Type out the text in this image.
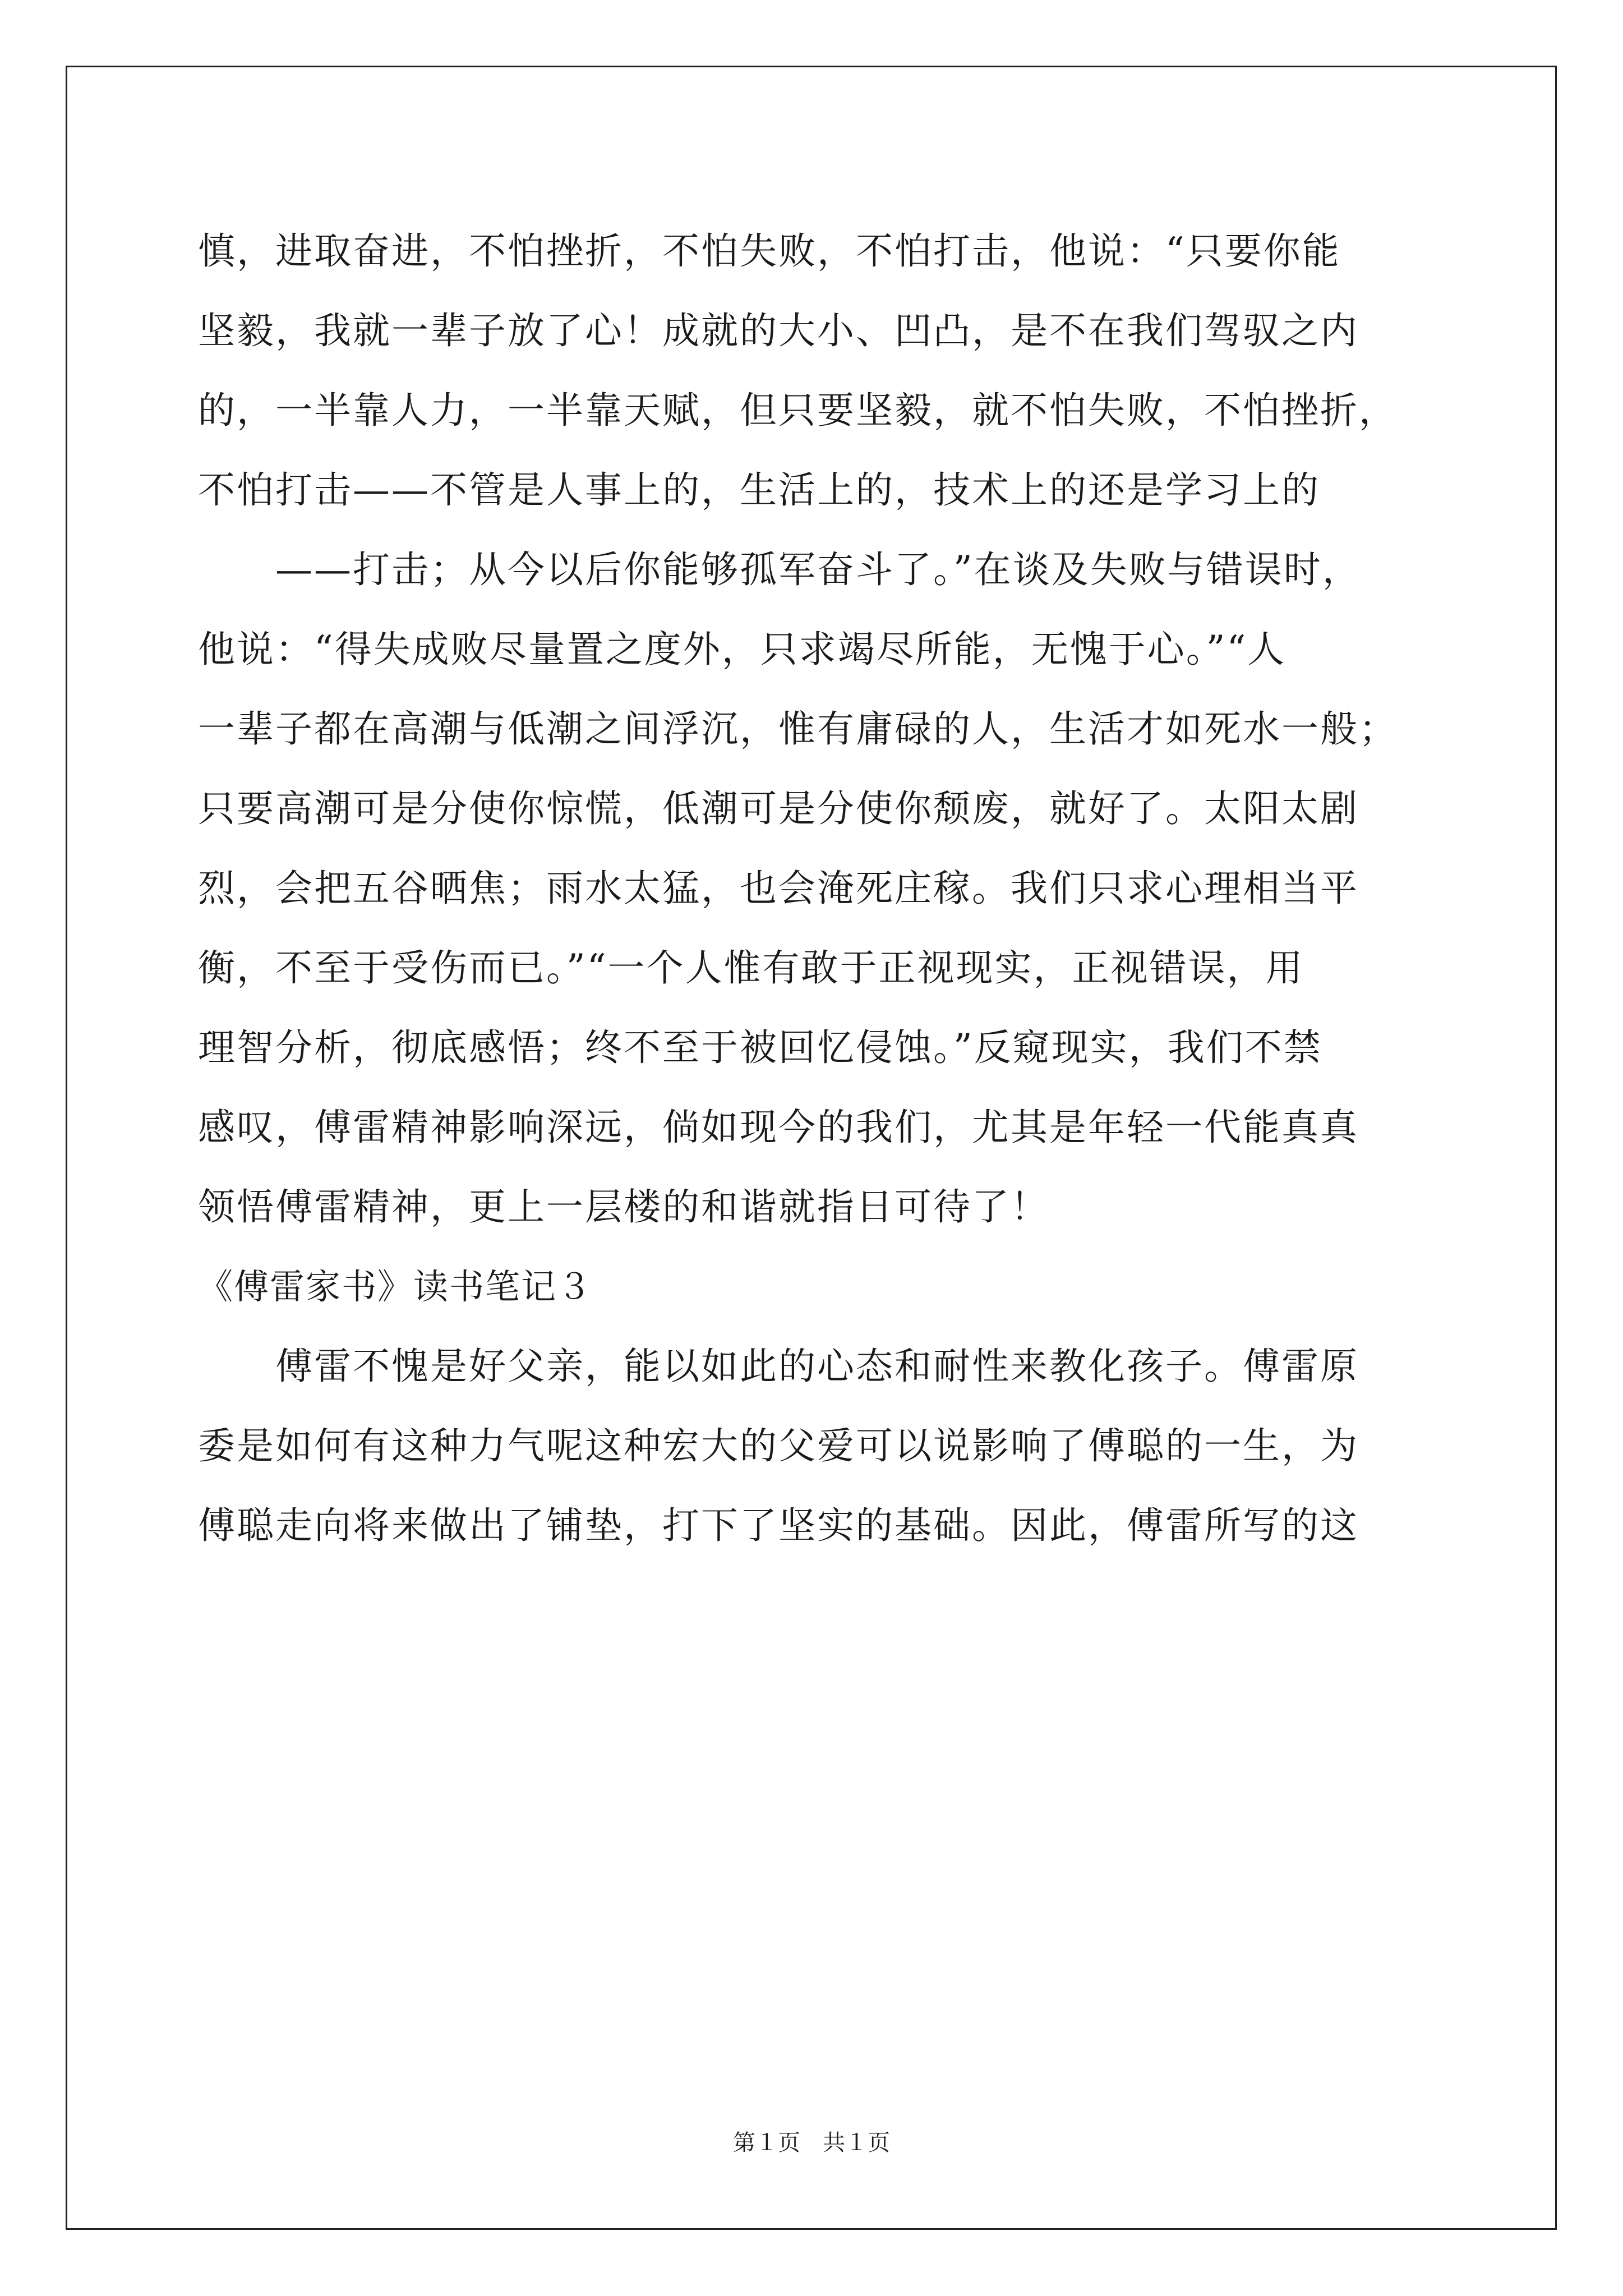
慎，进取奋进，不怕挫折，不怕失败，不怕打击，他说：“只要你能
坚毅，我就一辈子放了心！成就的大小、凹凸，是不在我们驾驭之内
的，一半靠人力，一半靠天赋，但只要坚毅，就不怕失败，不怕挫折，
不怕打击——不管是人事上的，生活上的，技术上的还是学习上的
　　——打击；从今以后你能够孤军奋斗了。”在谈及失败与错误时，
他说：“得失成败尽量置之度外，只求竭尽所能，无愧于心。”“人
一辈子都在高潮与低潮之间浮沉，惟有庸碌的人，生活才如死水一般；
只要高潮可是分使你惊慌，低潮可是分使你颓废，就好了。太阳太剧
烈，会把五谷晒焦；雨水太猛，也会淹死庄稼。我们只求心理相当平
衡，不至于受伤而已。”“一个人惟有敢于正视现实，正视错误，用
理智分析，彻底感悟；终不至于被回忆侵蚀。”反窥现实，我们不禁
感叹，傅雷精神影响深远，倘如现今的我们，尤其是年轻一代能真真
领悟傅雷精神，更上一层楼的和谐就指日可待了！
《傅雷家书》读书笔记３
　　傅雷不愧是好父亲，能以如此的心态和耐性来教化孩子。傅雷原
委是如何有这种力气呢这种宏大的父爱可以说影响了傅聪的一生，为
傅聪走向将来做出了铺垫，打下了坚实的基础。因此，傅雷所写的这
第１页　共１页
